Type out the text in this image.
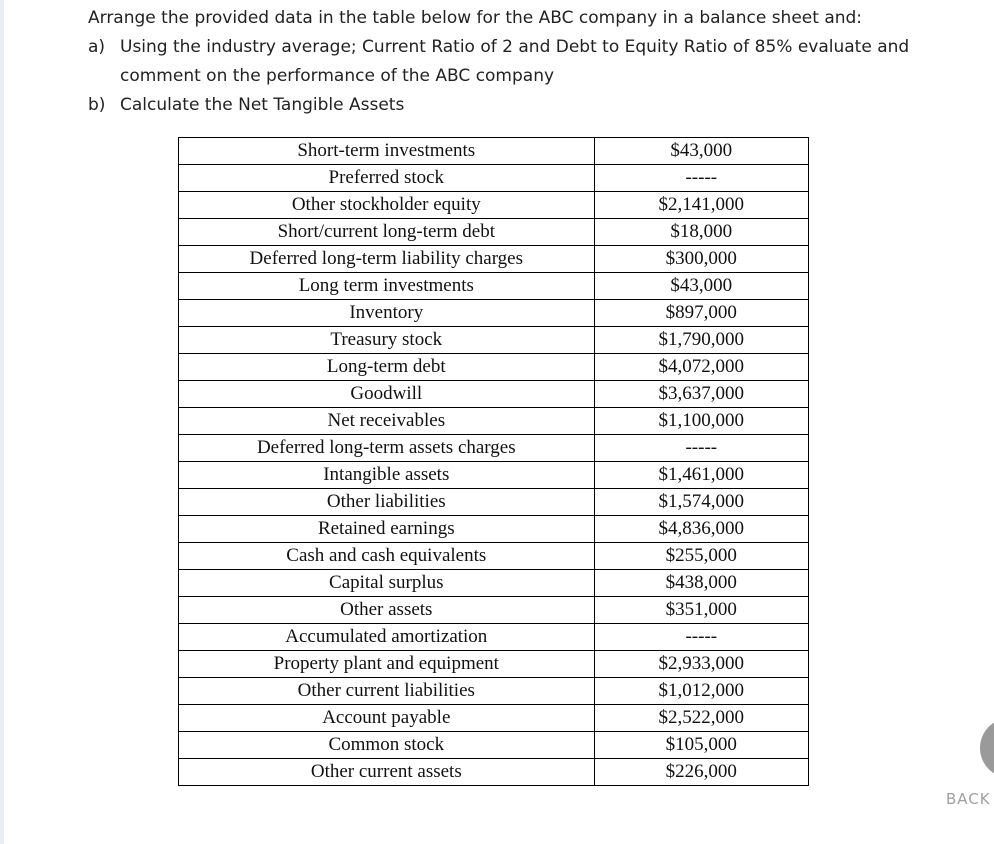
Arrange the provided data in the table below for the ABC company in a balance sheet and:
a) Using the industry average; Current Ratio of 2 and Debt to Equity Ratio of 85% evaluate and comment on the performance of the ABC company
b) Calculate the Net Tangible Assets
Short-term investments	$43,000
Preferred stock	-----
Other stockholder equity	$2,141,000
Short/current long-term debt	$18,000
Deferred long-term liability charges	$300,000
Long term investments	$43,000
Inventory	$897,000
Treasury stock	$1,790,000
Long-term debt	$4,072,000
Goodwill	$3,637,000
Net receivables	$1,100,000
Deferred long-term assets charges	-----
Intangible assets	$1,461,000
Other liabilities	$1,574,000
Retained earnings	$4,836,000
Cash and cash equivalents	$255,000
Capital surplus	$438,000
Other assets	$351,000
Accumulated amortization	-----
Property plant and equipment	$2,933,000
Other current liabilities	$1,012,000
Account payable	$2,522,000
Common stock	$105,000
Other current assets	$226,000
BACK
